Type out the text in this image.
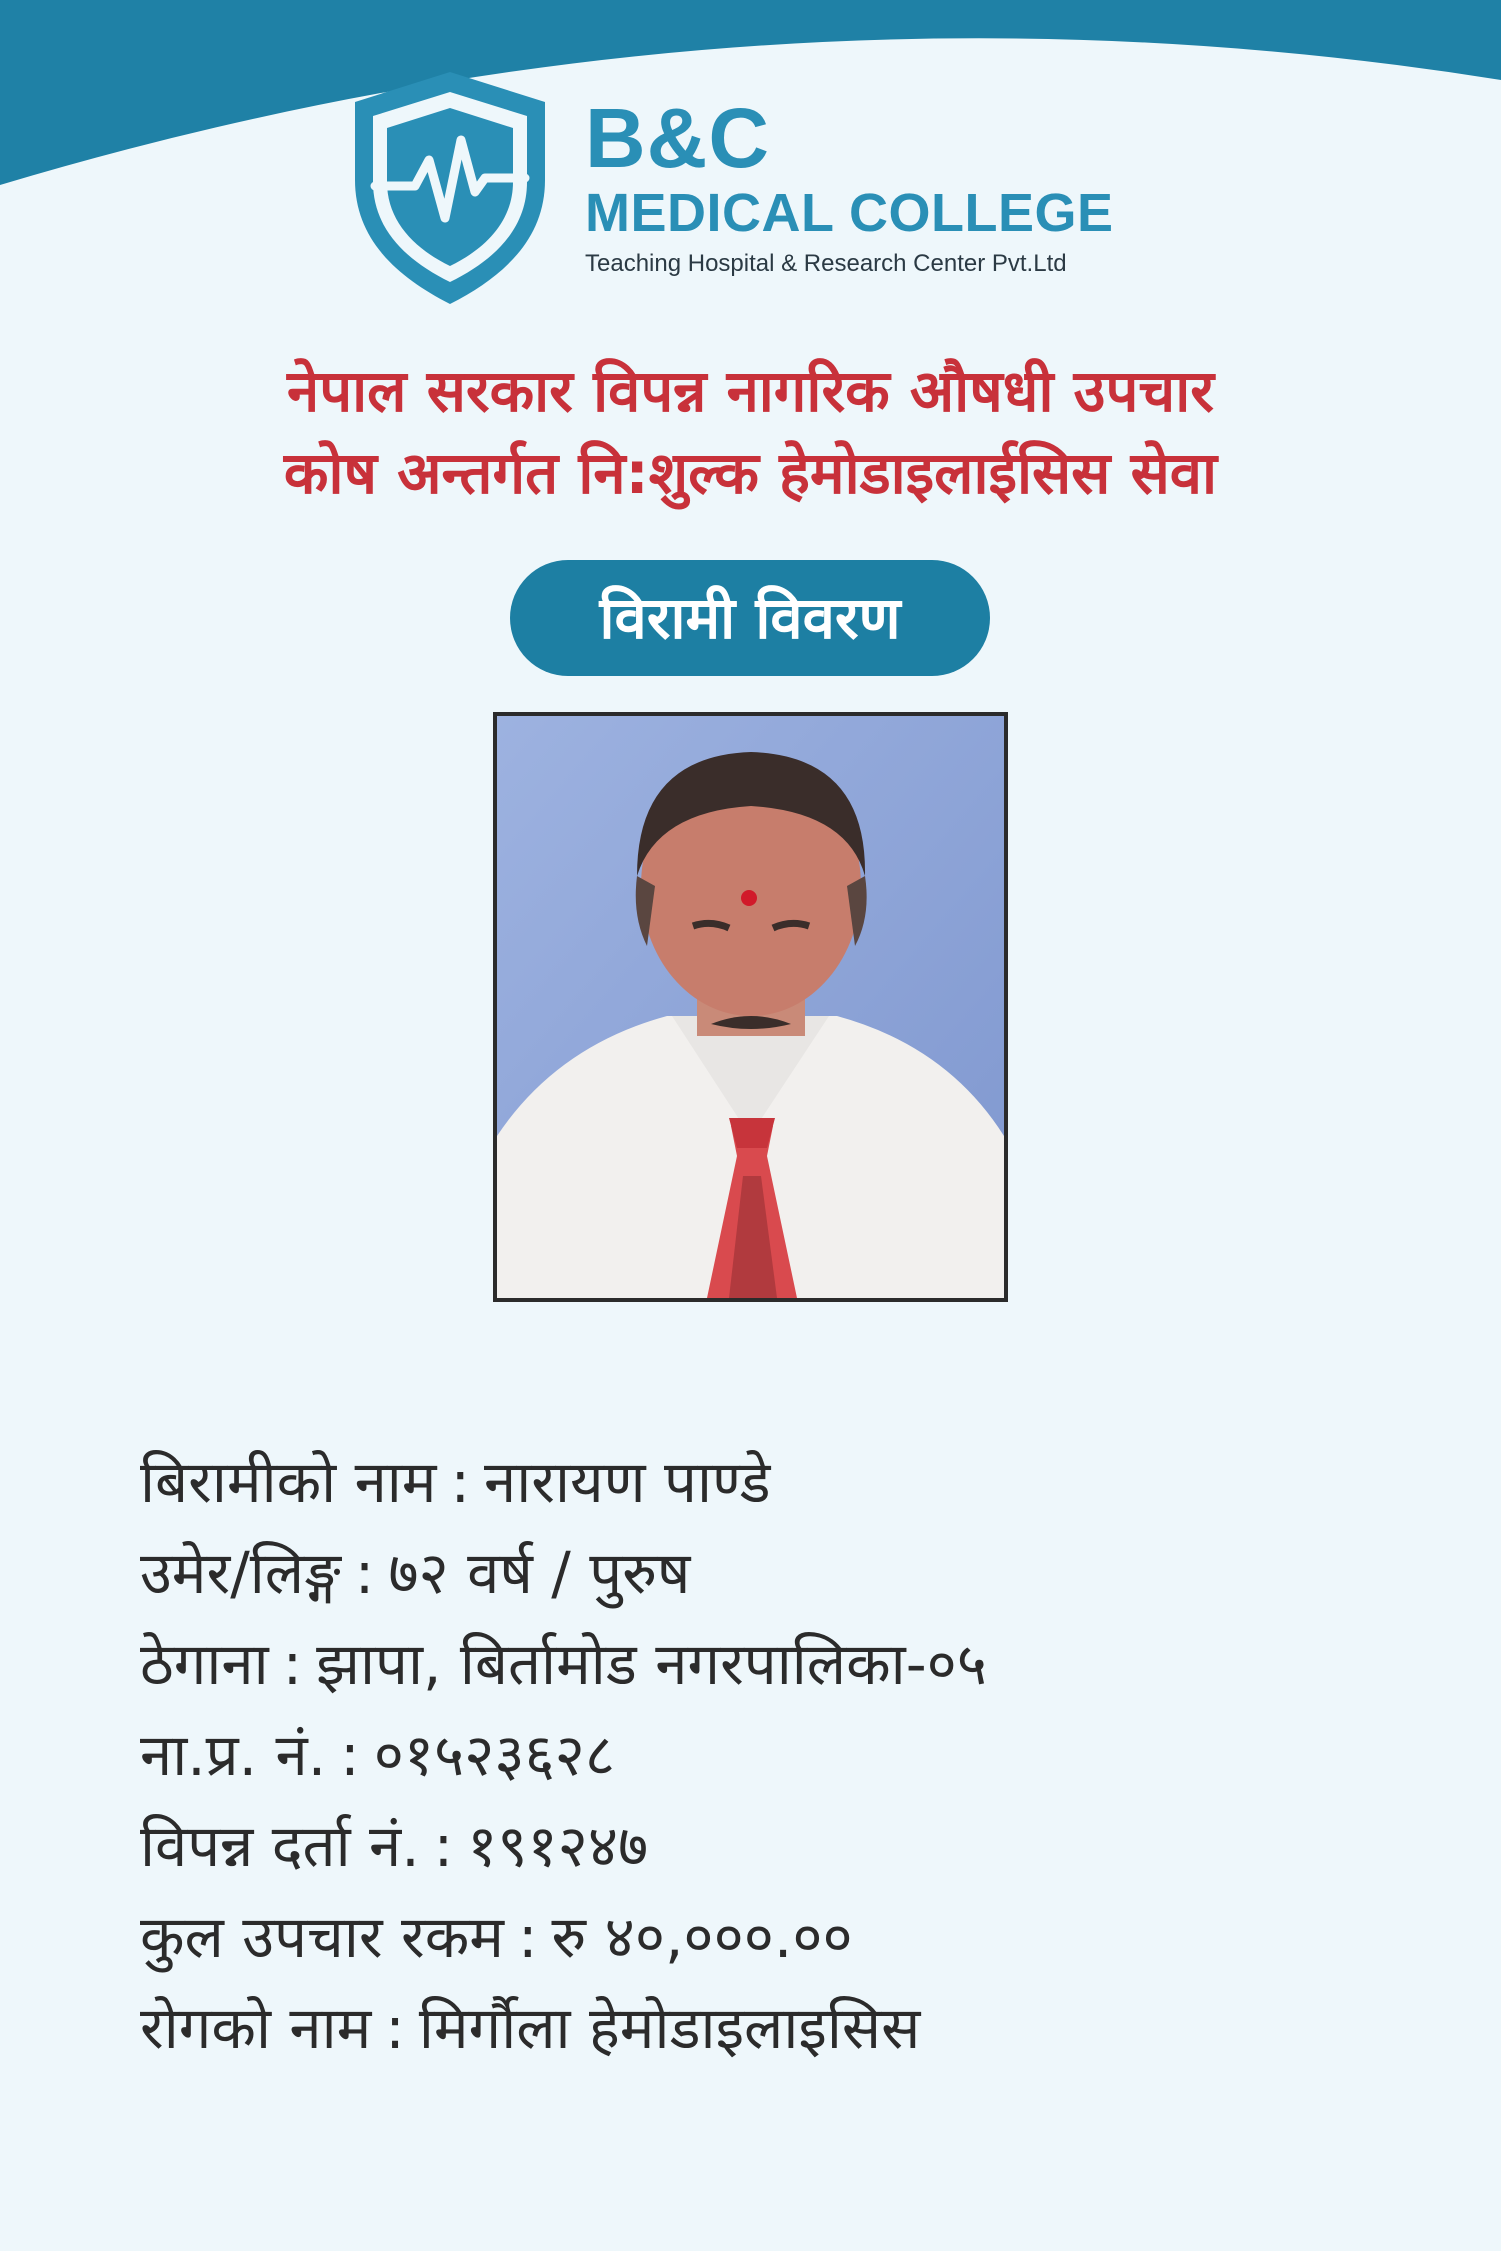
B&C
MEDICAL COLLEGE
Teaching Hospital & Research Center Pvt.Ltd
नेपाल सरकार विपन्न नागरिक औषधी उपचार
कोष अन्तर्गत नि:शुल्क हेमोडाइलाईसिस सेवा
विरामी विवरण
बिरामीको नाम : नारायण पाण्डे
उमेर/लिङ्ग : ७२ वर्ष / पुरुष
ठेगाना : झापा, बिर्तामोड नगरपालिका-०५
ना.प्र. नं. : ०१५२३६२८
विपन्न दर्ता नं. : १९१२४७
कुल उपचार रकम : रु ४०,०००.००
रोगको नाम : मिर्गौला हेमोडाइलाइसिस
